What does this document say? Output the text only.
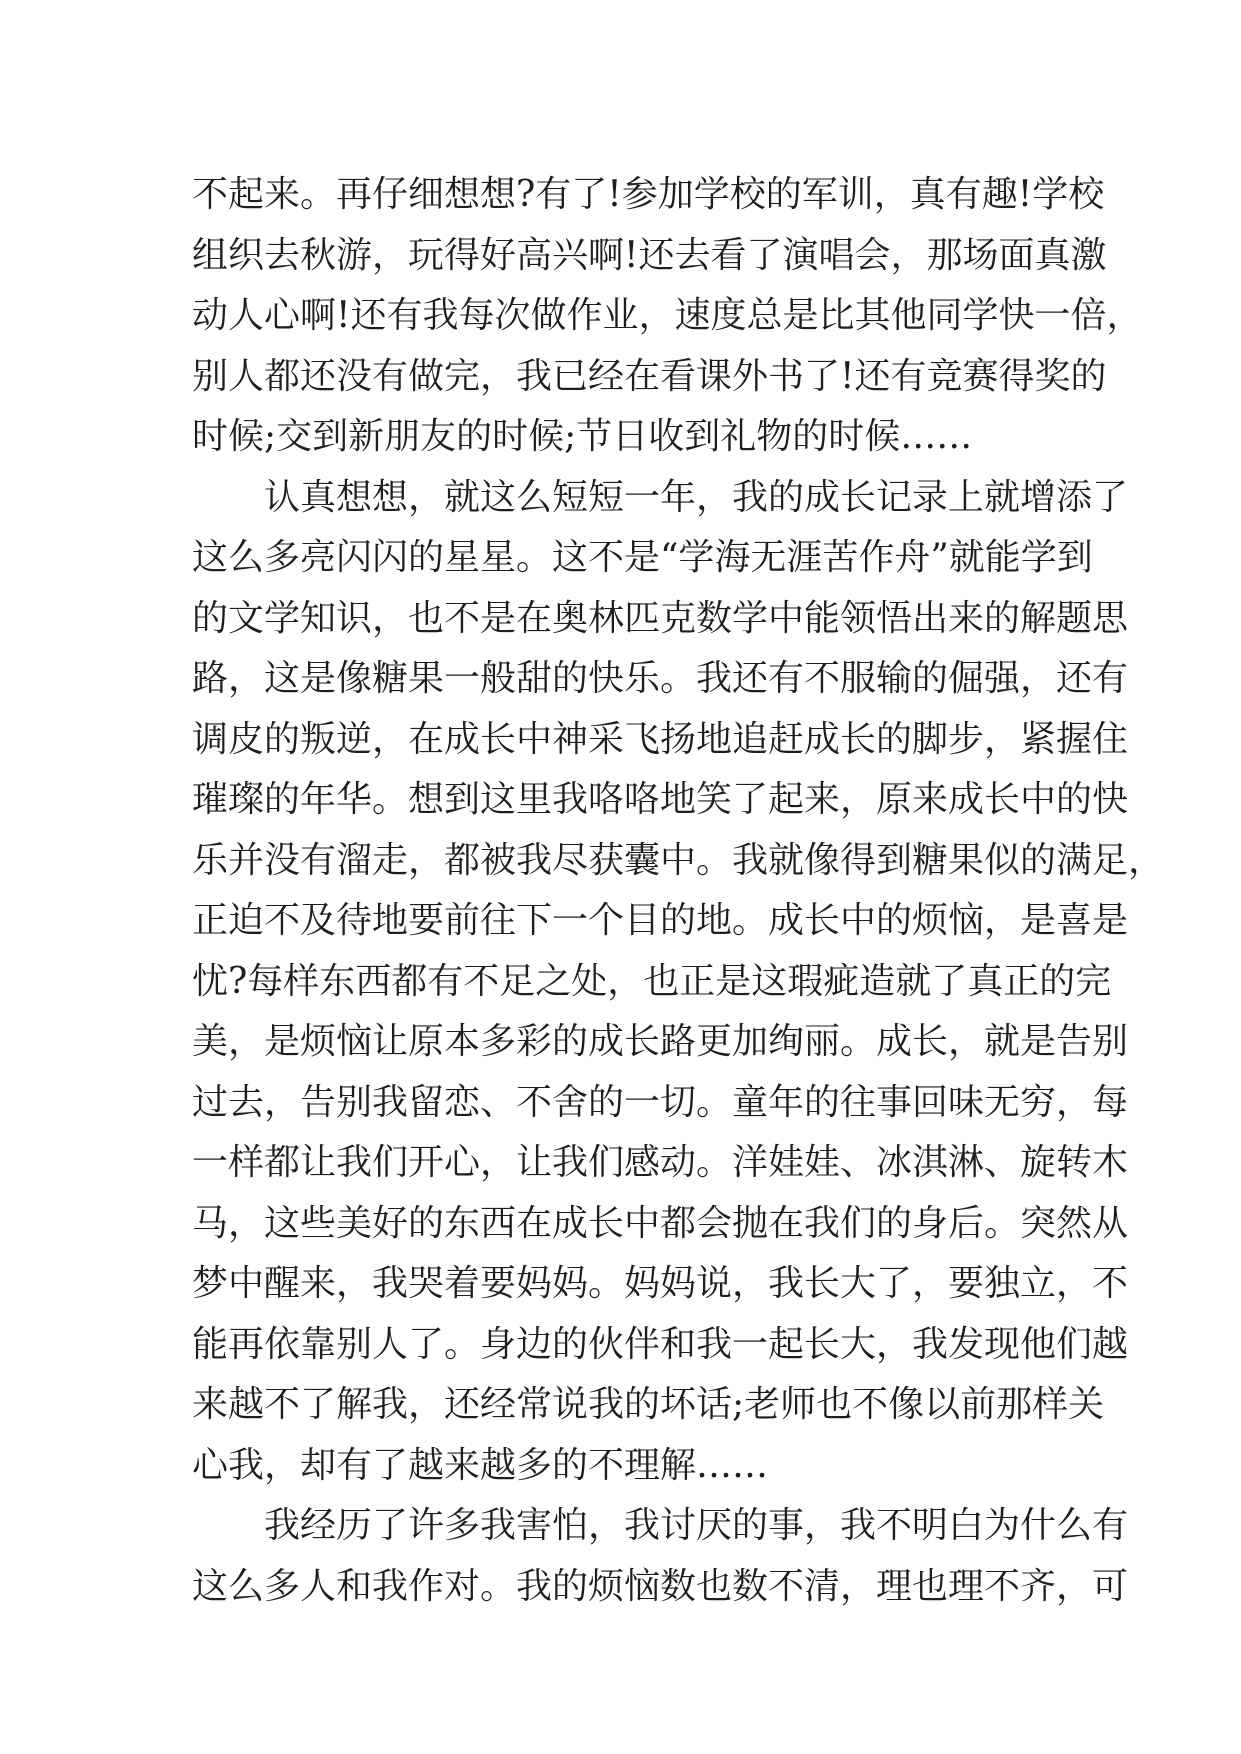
不起来。再仔细想想?有了!参加学校的军训，真有趣!学校
组织去秋游，玩得好高兴啊!还去看了演唱会，那场面真激
动人心啊!还有我每次做作业，速度总是比其他同学快一倍，
别人都还没有做完，我已经在看课外书了!还有竞赛得奖的
时候;交到新朋友的时候;节日收到礼物的时候……
认真想想，就这么短短一年，我的成长记录上就增添了
这么多亮闪闪的星星。这不是“学海无涯苦作舟”就能学到
的文学知识，也不是在奥林匹克数学中能领悟出来的解题思
路，这是像糖果一般甜的快乐。我还有不服输的倔强，还有
调皮的叛逆，在成长中神采飞扬地追赶成长的脚步，紧握住
璀璨的年华。想到这里我咯咯地笑了起来，原来成长中的快
乐并没有溜走，都被我尽获囊中。我就像得到糖果似的满足，
正迫不及待地要前往下一个目的地。成长中的烦恼，是喜是
忧?每样东西都有不足之处，也正是这瑕疵造就了真正的完
美，是烦恼让原本多彩的成长路更加绚丽。成长，就是告别
过去，告别我留恋、不舍的一切。童年的往事回味无穷，每
一样都让我们开心，让我们感动。洋娃娃、冰淇淋、旋转木
马，这些美好的东西在成长中都会抛在我们的身后。突然从
梦中醒来，我哭着要妈妈。妈妈说，我长大了，要独立，不
能再依靠别人了。身边的伙伴和我一起长大，我发现他们越
来越不了解我，还经常说我的坏话;老师也不像以前那样关
心我，却有了越来越多的不理解……
我经历了许多我害怕，我讨厌的事，我不明白为什么有
这么多人和我作对。我的烦恼数也数不清，理也理不齐，可
